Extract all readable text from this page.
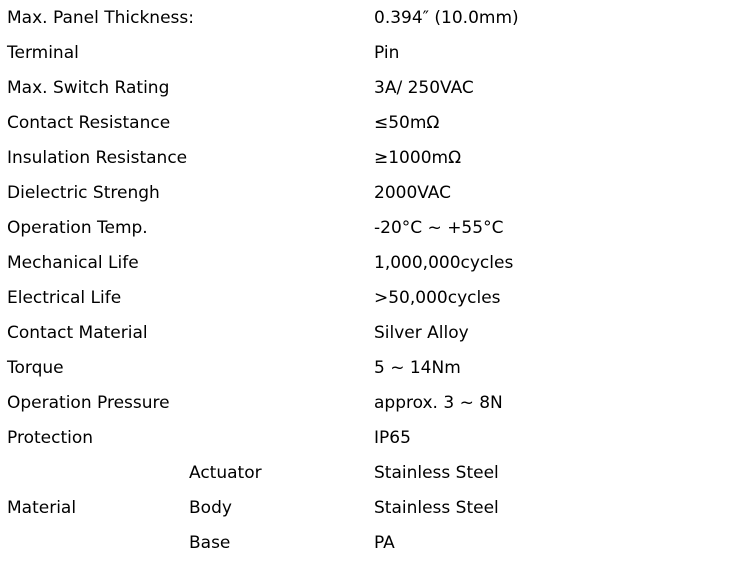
Max. Panel Thickness:		0.394″ (10.0mm)
Terminal		Pin
Max. Switch Rating		3A/ 250VAC
Contact Resistance		≤50mΩ
Insulation Resistance		≥1000mΩ
Dielectric Strengh		2000VAC
Operation Temp.		-20°C ~ +55°C
Mechanical Life		1,000,000cycles
Electrical Life		>50,000cycles
Contact Material		Silver Alloy
Torque		5 ~ 14Nm
Operation Pressure		approx. 3 ~ 8N
Protection		IP65
Material	Actuator	Stainless Steel
	Body	Stainless Steel
	Base	PA
